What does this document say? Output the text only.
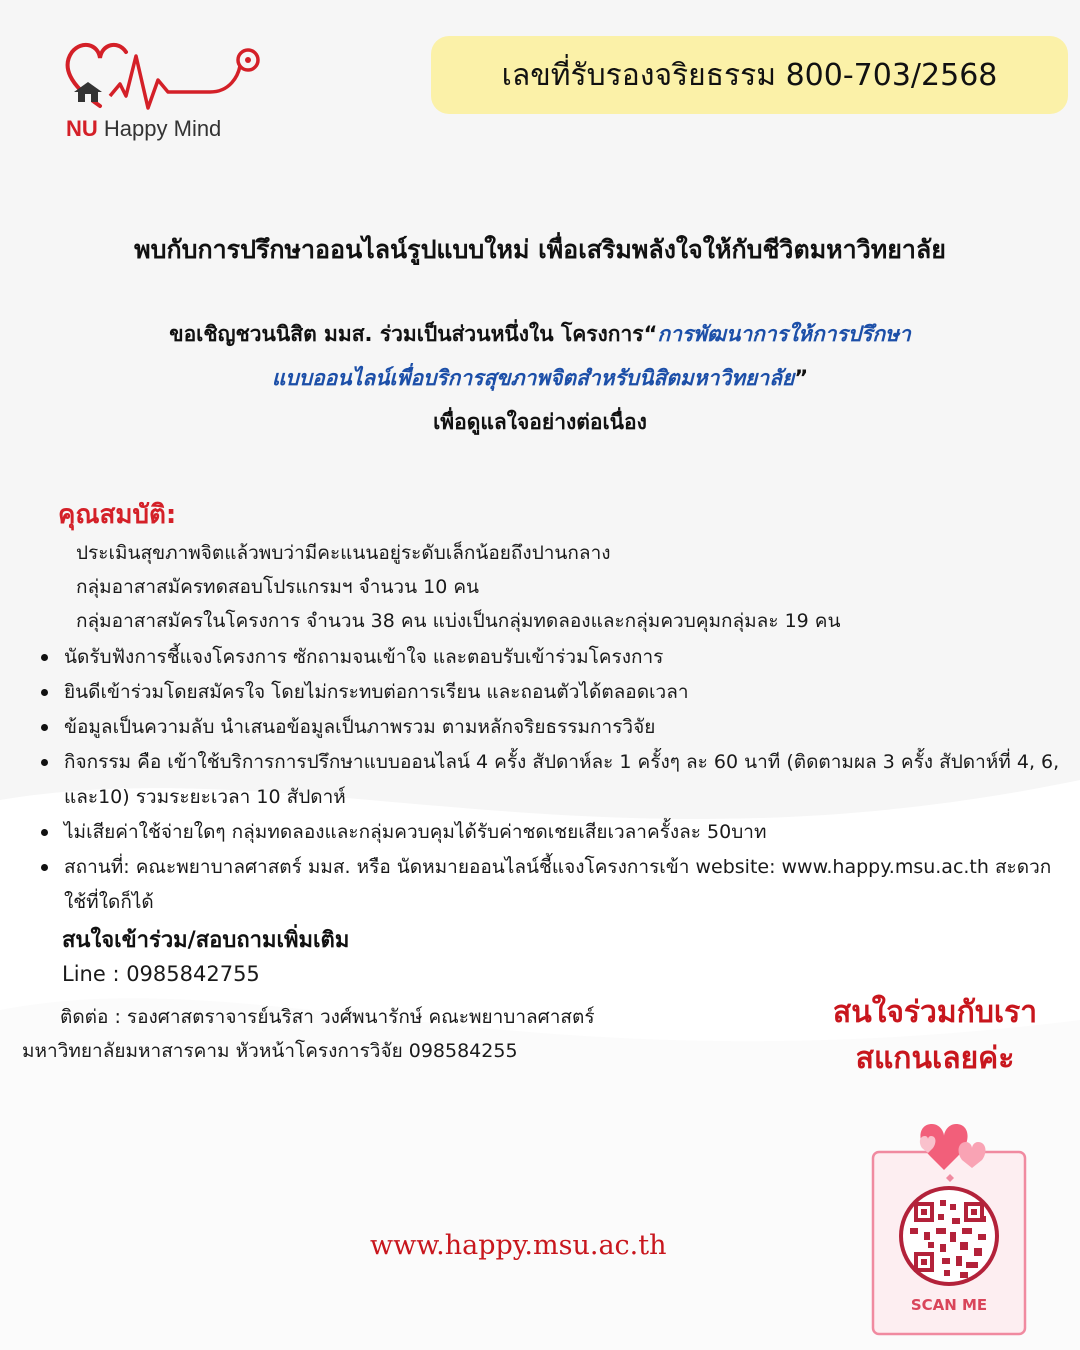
NU Happy Mind
เลขที่รับรองจริยธรรม 800-703/2568
พบกับการปรึกษาออนไลน์รูปแบบใหม่ เพื่อเสริมพลังใจให้กับชีวิตมหาวิทยาลัย
ขอเชิญชวนนิสิต มมส. ร่วมเป็นส่วนหนึ่งใน โครงการ“การพัฒนาการให้การปรึกษา
แบบออนไลน์เพื่อบริการสุขภาพจิตสำหรับนิสิตมหาวิทยาลัย”
เพื่อดูแลใจอย่างต่อเนื่อง
คุณสมบัติ:
ประเมินสุขภาพจิตแล้วพบว่ามีคะแนนอยู่ระดับเล็กน้อยถึงปานกลาง
กลุ่มอาสาสมัครทดสอบโปรแกรมฯ จำนวน 10 คน
กลุ่มอาสาสมัครในโครงการ จำนวน 38 คน แบ่งเป็นกลุ่มทดลองและกลุ่มควบคุมกลุ่มละ 19 คน
นัดรับฟังการชี้แจงโครงการ ซักถามจนเข้าใจ และตอบรับเข้าร่วมโครงการ
ยินดีเข้าร่วมโดยสมัครใจ โดยไม่กระทบต่อการเรียน และถอนตัวได้ตลอดเวลา
ข้อมูลเป็นความลับ นำเสนอข้อมูลเป็นภาพรวม ตามหลักจริยธรรมการวิจัย
กิจกรรม คือ เข้าใช้บริการการปรึกษาแบบออนไลน์ 4 ครั้ง สัปดาห์ละ 1 ครั้งๆ ละ 60 นาที (ติดตามผล 3 ครั้ง สัปดาห์ที่ 4, 6, และ10) รวมระยะเวลา 10 สัปดาห์
ไม่เสียค่าใช้จ่ายใดๆ กลุ่มทดลองและกลุ่มควบคุมได้รับค่าชดเชยเสียเวลาครั้งละ 50บาท
สถานที่: คณะพยาบาลศาสตร์ มมส. หรือ นัดหมายออนไลน์ชี้แจงโครงการเข้า website: www.happy.msu.ac.th สะดวกใช้ที่ใดก็ได้
สนใจเข้าร่วม/สอบถามเพิ่มเติม
Line : 0985842755
ติดต่อ : รองศาสตราจารย์นริสา วงศ์พนารักษ์ คณะพยาบาลศาสตร์
มหาวิทยาลัยมหาสารคาม หัวหน้าโครงการวิจัย 098584255
สนใจร่วมกับเรา
สแกนเลยค่ะ
www.happy.msu.ac.th
SCAN ME
